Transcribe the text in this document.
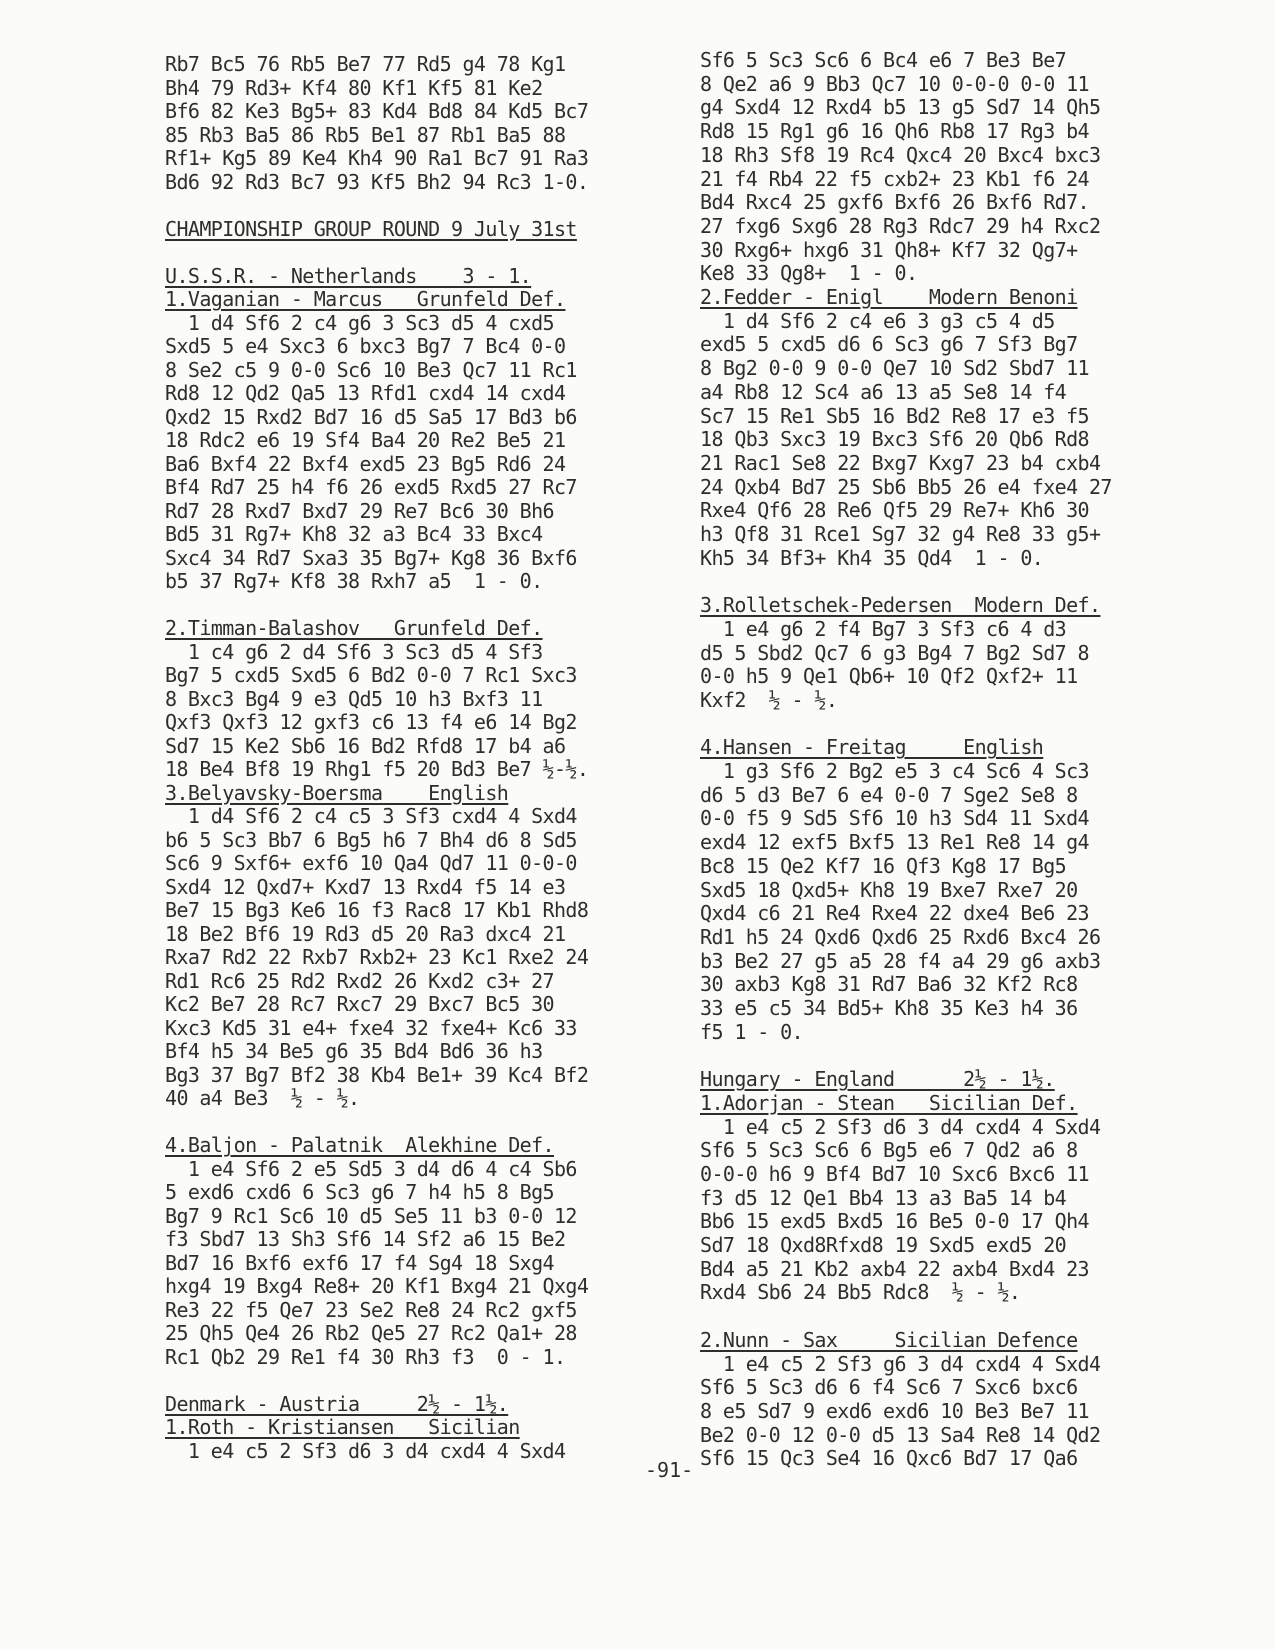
Rb7 Bc5 76 Rb5 Be7 77 Rd5 g4 78 Kg1
Bh4 79 Rd3+ Kf4 80 Kf1 Kf5 81 Ke2
Bf6 82 Ke3 Bg5+ 83 Kd4 Bd8 84 Kd5 Bc7
85 Rb3 Ba5 86 Rb5 Be1 87 Rb1 Ba5 88
Rf1+ Kg5 89 Ke4 Kh4 90 Ra1 Bc7 91 Ra3
Bd6 92 Rd3 Bc7 93 Kf5 Bh2 94 Rc3 1-0.
CHAMPIONSHIP GROUP ROUND 9 July 31st
U.S.S.R. - Netherlands    3 - 1.
1.Vaganian - Marcus   Grunfeld Def.
1 d4 Sf6 2 c4 g6 3 Sc3 d5 4 cxd5
Sxd5 5 e4 Sxc3 6 bxc3 Bg7 7 Bc4 0-0
8 Se2 c5 9 0-0 Sc6 10 Be3 Qc7 11 Rc1
Rd8 12 Qd2 Qa5 13 Rfd1 cxd4 14 cxd4
Qxd2 15 Rxd2 Bd7 16 d5 Sa5 17 Bd3 b6
18 Rdc2 e6 19 Sf4 Ba4 20 Re2 Be5 21
Ba6 Bxf4 22 Bxf4 exd5 23 Bg5 Rd6 24
Bf4 Rd7 25 h4 f6 26 exd5 Rxd5 27 Rc7
Rd7 28 Rxd7 Bxd7 29 Re7 Bc6 30 Bh6
Bd5 31 Rg7+ Kh8 32 a3 Bc4 33 Bxc4
Sxc4 34 Rd7 Sxa3 35 Bg7+ Kg8 36 Bxf6
b5 37 Rg7+ Kf8 38 Rxh7 a5  1 - 0.
2.Timman-Balashov   Grunfeld Def.
1 c4 g6 2 d4 Sf6 3 Sc3 d5 4 Sf3
Bg7 5 cxd5 Sxd5 6 Bd2 0-0 7 Rc1 Sxc3
8 Bxc3 Bg4 9 e3 Qd5 10 h3 Bxf3 11
Qxf3 Qxf3 12 gxf3 c6 13 f4 e6 14 Bg2
Sd7 15 Ke2 Sb6 16 Bd2 Rfd8 17 b4 a6
18 Be4 Bf8 19 Rhg1 f5 20 Bd3 Be7 ½-½.
3.Belyavsky-Boersma    English
1 d4 Sf6 2 c4 c5 3 Sf3 cxd4 4 Sxd4
b6 5 Sc3 Bb7 6 Bg5 h6 7 Bh4 d6 8 Sd5
Sc6 9 Sxf6+ exf6 10 Qa4 Qd7 11 0-0-0
Sxd4 12 Qxd7+ Kxd7 13 Rxd4 f5 14 e3
Be7 15 Bg3 Ke6 16 f3 Rac8 17 Kb1 Rhd8
18 Be2 Bf6 19 Rd3 d5 20 Ra3 dxc4 21
Rxa7 Rd2 22 Rxb7 Rxb2+ 23 Kc1 Rxe2 24
Rd1 Rc6 25 Rd2 Rxd2 26 Kxd2 c3+ 27
Kc2 Be7 28 Rc7 Rxc7 29 Bxc7 Bc5 30
Kxc3 Kd5 31 e4+ fxe4 32 fxe4+ Kc6 33
Bf4 h5 34 Be5 g6 35 Bd4 Bd6 36 h3
Bg3 37 Bg7 Bf2 38 Kb4 Be1+ 39 Kc4 Bf2
40 a4 Be3  ½ - ½.
4.Baljon - Palatnik  Alekhine Def.
1 e4 Sf6 2 e5 Sd5 3 d4 d6 4 c4 Sb6
5 exd6 cxd6 6 Sc3 g6 7 h4 h5 8 Bg5
Bg7 9 Rc1 Sc6 10 d5 Se5 11 b3 0-0 12
f3 Sbd7 13 Sh3 Sf6 14 Sf2 a6 15 Be2
Bd7 16 Bxf6 exf6 17 f4 Sg4 18 Sxg4
hxg4 19 Bxg4 Re8+ 20 Kf1 Bxg4 21 Qxg4
Re3 22 f5 Qe7 23 Se2 Re8 24 Rc2 gxf5
25 Qh5 Qe4 26 Rb2 Qe5 27 Rc2 Qa1+ 28
Rc1 Qb2 29 Re1 f4 30 Rh3 f3  0 - 1.
Denmark - Austria     2½ - 1½.
1.Roth - Kristiansen   Sicilian
1 e4 c5 2 Sf3 d6 3 d4 cxd4 4 Sxd4
Sf6 5 Sc3 Sc6 6 Bc4 e6 7 Be3 Be7
8 Qe2 a6 9 Bb3 Qc7 10 0-0-0 0-0 11
g4 Sxd4 12 Rxd4 b5 13 g5 Sd7 14 Qh5
Rd8 15 Rg1 g6 16 Qh6 Rb8 17 Rg3 b4
18 Rh3 Sf8 19 Rc4 Qxc4 20 Bxc4 bxc3
21 f4 Rb4 22 f5 cxb2+ 23 Kb1 f6 24
Bd4 Rxc4 25 gxf6 Bxf6 26 Bxf6 Rd7.
27 fxg6 Sxg6 28 Rg3 Rdc7 29 h4 Rxc2
30 Rxg6+ hxg6 31 Qh8+ Kf7 32 Qg7+
Ke8 33 Qg8+  1 - 0.
2.Fedder - Enigl    Modern Benoni
1 d4 Sf6 2 c4 e6 3 g3 c5 4 d5
exd5 5 cxd5 d6 6 Sc3 g6 7 Sf3 Bg7
8 Bg2 0-0 9 0-0 Qe7 10 Sd2 Sbd7 11
a4 Rb8 12 Sc4 a6 13 a5 Se8 14 f4
Sc7 15 Re1 Sb5 16 Bd2 Re8 17 e3 f5
18 Qb3 Sxc3 19 Bxc3 Sf6 20 Qb6 Rd8
21 Rac1 Se8 22 Bxg7 Kxg7 23 b4 cxb4
24 Qxb4 Bd7 25 Sb6 Bb5 26 e4 fxe4 27
Rxe4 Qf6 28 Re6 Qf5 29 Re7+ Kh6 30
h3 Qf8 31 Rce1 Sg7 32 g4 Re8 33 g5+
Kh5 34 Bf3+ Kh4 35 Qd4  1 - 0.
3.Rolletschek-Pedersen  Modern Def.
1 e4 g6 2 f4 Bg7 3 Sf3 c6 4 d3
d5 5 Sbd2 Qc7 6 g3 Bg4 7 Bg2 Sd7 8
0-0 h5 9 Qe1 Qb6+ 10 Qf2 Qxf2+ 11
Kxf2  ½ - ½.
4.Hansen - Freitag     English
1 g3 Sf6 2 Bg2 e5 3 c4 Sc6 4 Sc3
d6 5 d3 Be7 6 e4 0-0 7 Sge2 Se8 8
0-0 f5 9 Sd5 Sf6 10 h3 Sd4 11 Sxd4
exd4 12 exf5 Bxf5 13 Re1 Re8 14 g4
Bc8 15 Qe2 Kf7 16 Qf3 Kg8 17 Bg5
Sxd5 18 Qxd5+ Kh8 19 Bxe7 Rxe7 20
Qxd4 c6 21 Re4 Rxe4 22 dxe4 Be6 23
Rd1 h5 24 Qxd6 Qxd6 25 Rxd6 Bxc4 26
b3 Be2 27 g5 a5 28 f4 a4 29 g6 axb3
30 axb3 Kg8 31 Rd7 Ba6 32 Kf2 Rc8
33 e5 c5 34 Bd5+ Kh8 35 Ke3 h4 36
f5 1 - 0.
Hungary - England      2½ - 1½.
1.Adorjan - Stean   Sicilian Def.
1 e4 c5 2 Sf3 d6 3 d4 cxd4 4 Sxd4
Sf6 5 Sc3 Sc6 6 Bg5 e6 7 Qd2 a6 8
0-0-0 h6 9 Bf4 Bd7 10 Sxc6 Bxc6 11
f3 d5 12 Qe1 Bb4 13 a3 Ba5 14 b4
Bb6 15 exd5 Bxd5 16 Be5 0-0 17 Qh4
Sd7 18 Qxd8Rfxd8 19 Sxd5 exd5 20
Bd4 a5 21 Kb2 axb4 22 axb4 Bxd4 23
Rxd4 Sb6 24 Bb5 Rdc8  ½ - ½.
2.Nunn - Sax     Sicilian Defence
1 e4 c5 2 Sf3 g6 3 d4 cxd4 4 Sxd4
Sf6 5 Sc3 d6 6 f4 Sc6 7 Sxc6 bxc6
8 e5 Sd7 9 exd6 exd6 10 Be3 Be7 11
Be2 0-0 12 0-0 d5 13 Sa4 Re8 14 Qd2
Sf6 15 Qc3 Se4 16 Qxc6 Bd7 17 Qa6
-91-
